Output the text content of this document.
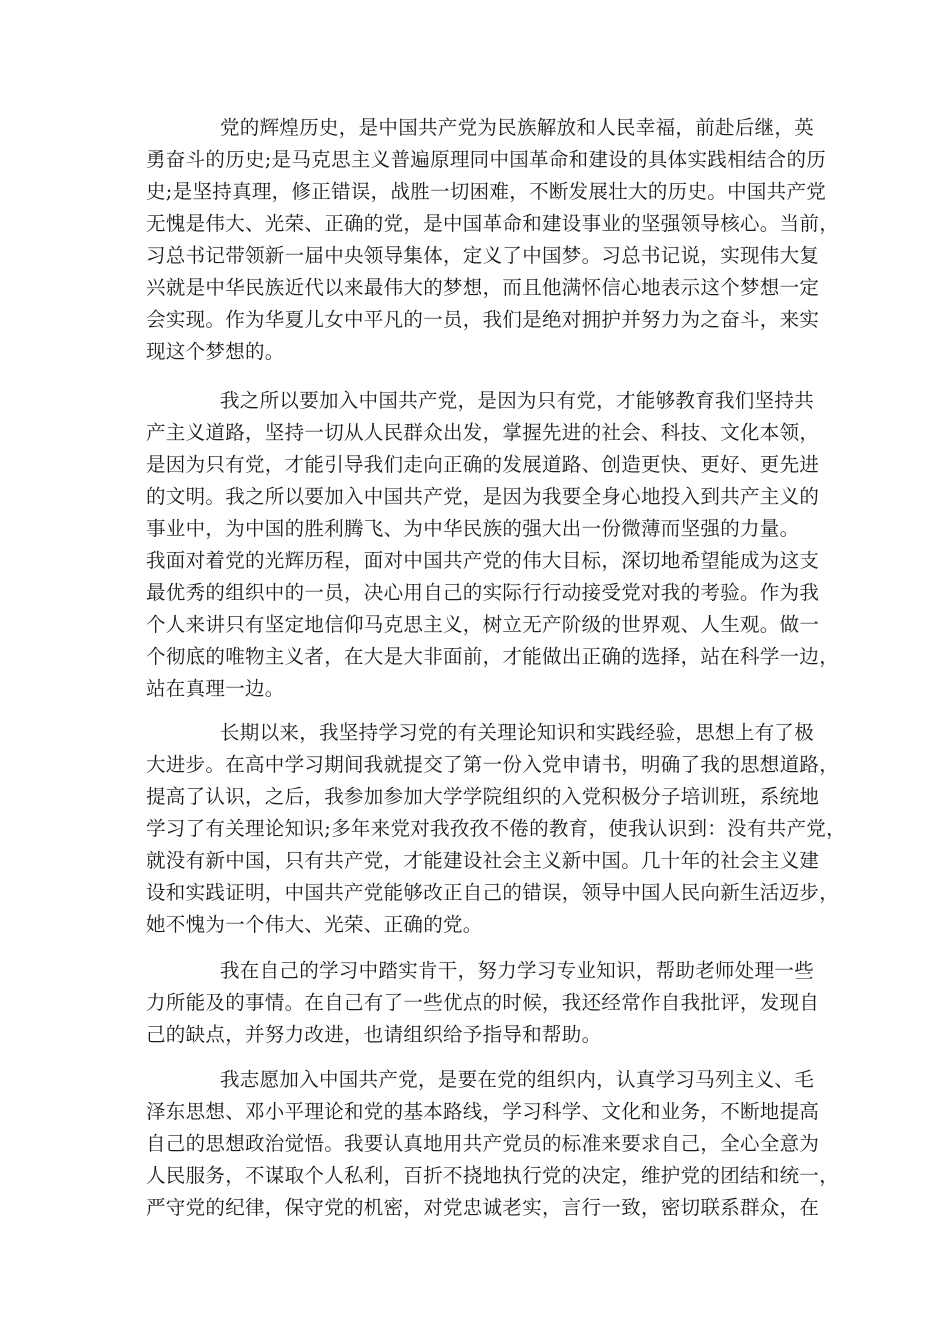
党的辉煌历史，是中国共产党为民族解放和人民幸福，前赴后继，英
勇奋斗的历史;是马克思主义普遍原理同中国革命和建设的具体实践相结合的历
史;是坚持真理，修正错误，战胜一切困难，不断发展壮大的历史。中国共产党
无愧是伟大、光荣、正确的党，是中国革命和建设事业的坚强领导核心。当前，
习总书记带领新一届中央领导集体，定义了中国梦。习总书记说，实现伟大复
兴就是中华民族近代以来最伟大的梦想，而且他满怀信心地表示这个梦想一定
会实现。作为华夏儿女中平凡的一员，我们是绝对拥护并努力为之奋斗，来实
现这个梦想的。
我之所以要加入中国共产党，是因为只有党，才能够教育我们坚持共
产主义道路，坚持一切从人民群众出发，掌握先进的社会、科技、文化本领，
是因为只有党，才能引导我们走向正确的发展道路、创造更快、更好、更先进
的文明。我之所以要加入中国共产党，是因为我要全身心地投入到共产主义的
事业中，为中国的胜利腾飞、为中华民族的强大出一份微薄而坚强的力量。
我面对着党的光辉历程，面对中国共产党的伟大目标，深切地希望能成为这支
最优秀的组织中的一员，决心用自己的实际行行动接受党对我的考验。作为我
个人来讲只有坚定地信仰马克思主义，树立无产阶级的世界观、人生观。做一
个彻底的唯物主义者，在大是大非面前，才能做出正确的选择，站在科学一边，
站在真理一边。
长期以来，我坚持学习党的有关理论知识和实践经验，思想上有了极
大进步。在高中学习期间我就提交了第一份入党申请书，明确了我的思想道路，
提高了认识，之后，我参加参加大学学院组织的入党积极分子培训班，系统地
学习了有关理论知识;多年来党对我孜孜不倦的教育，使我认识到：没有共产党，
就没有新中国，只有共产党，才能建设社会主义新中国。几十年的社会主义建
设和实践证明，中国共产党能够改正自己的错误，领导中国人民向新生活迈步，
她不愧为一个伟大、光荣、正确的党。
我在自己的学习中踏实肯干，努力学习专业知识，帮助老师处理一些
力所能及的事情。在自己有了一些优点的时候，我还经常作自我批评，发现自
己的缺点，并努力改进，也请组织给予指导和帮助。
我志愿加入中国共产党，是要在党的组织内，认真学习马列主义、毛
泽东思想、邓小平理论和党的基本路线，学习科学、文化和业务，不断地提高
自己的思想政治觉悟。我要认真地用共产党员的标准来要求自己，全心全意为
人民服务，不谋取个人私利，百折不挠地执行党的决定，维护党的团结和统一，
严守党的纪律，保守党的机密，对党忠诚老实，言行一致，密切联系群众，在
